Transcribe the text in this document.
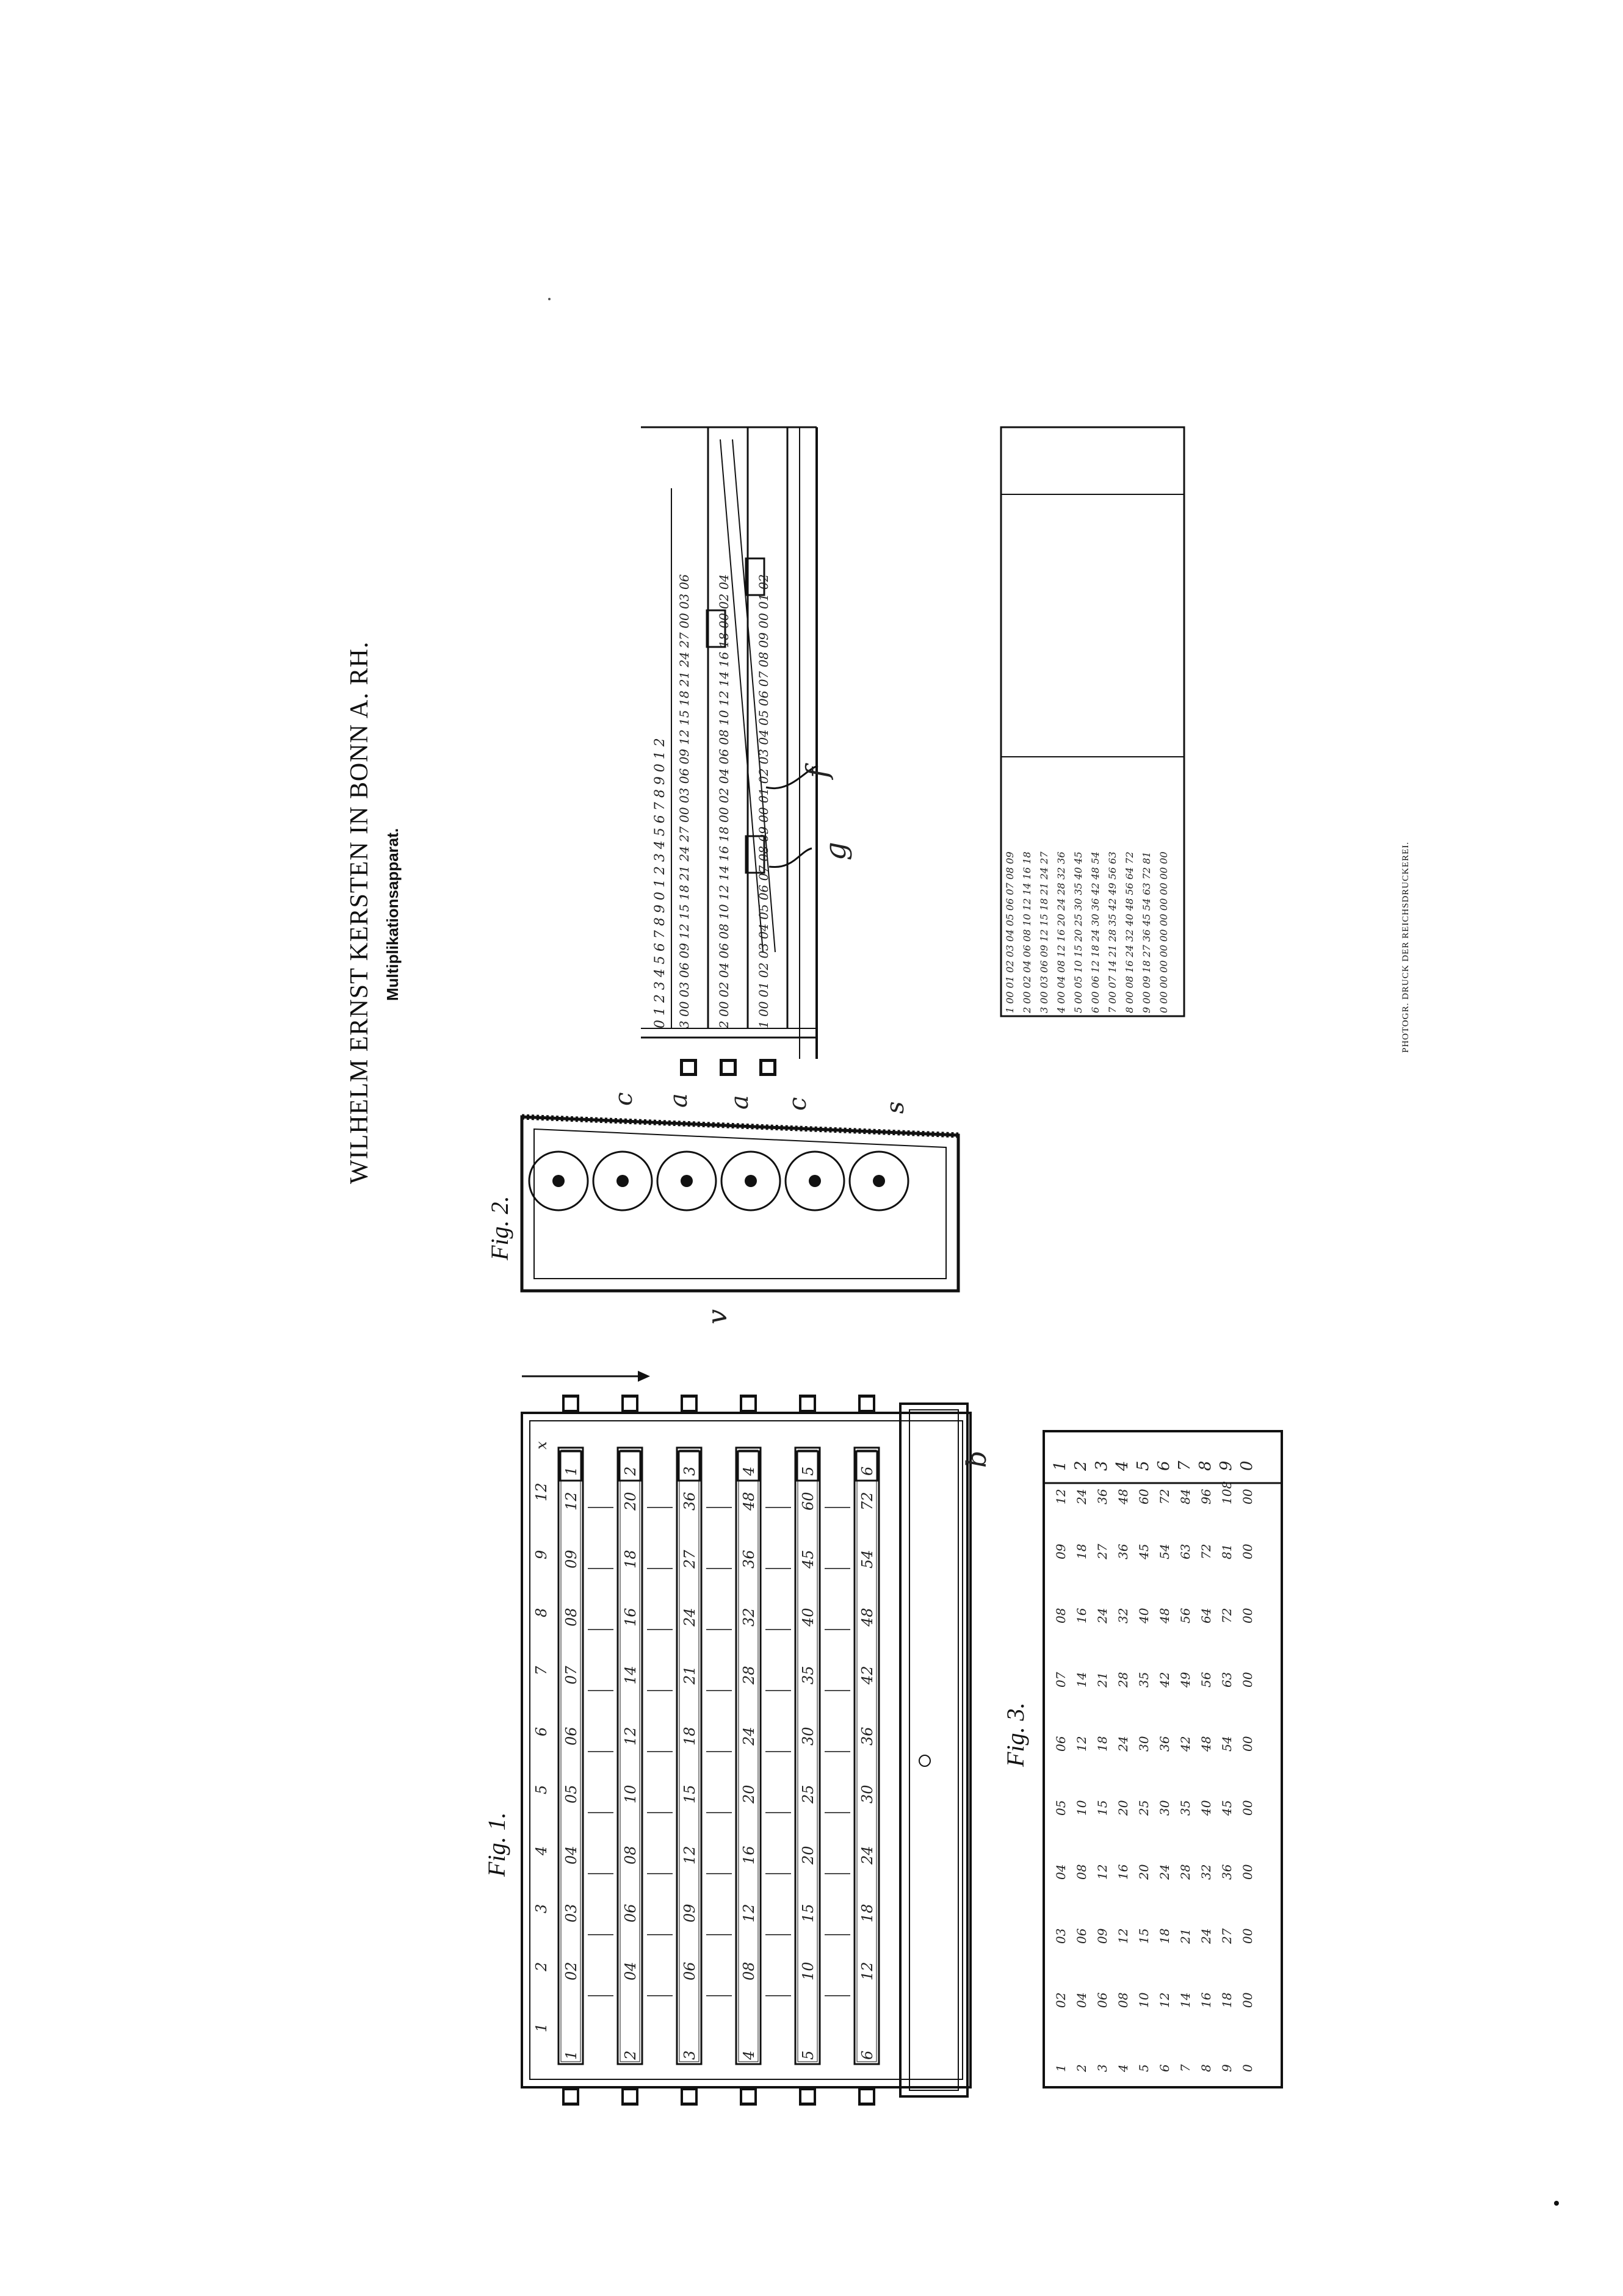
WILHELM ERNST KERSTEN IN BONN A. RH. Multiplikationsapparat.	PHOTOGR. DRUCK DER REICHSDRUCKEREI.
Fig. 1.
Fig. 2.
Fig. 3.
1
02
03
04
05
06
07
08
09
12
1
2
04
06
08
10
12
14
16
18
20
2
3
06
09
12
15
18
21
24
27
36
3
4
08
12
16
20
24
28
32
36
48
4
5
10
15
20
25
30
35
40
45
60
5
6
12
18
24
30
36
42
48
54
72
6
1
2
3
4
5
6
7
8
9
12
x
b
c a a c	s
v
0 1 2 3 4 5 6 7 8 9 0 1 2 3 4 5 6 7 8 9 0 1 2 3 00 03 06 09 12 15 18 21 24 27 00 03 06 09 12 15 18 21 24 27 00 03 06 2 00 02 04 06 08 10 12 14 16 18 00 02 04 06 08 10 12 14 16 18 00 02 04 1 00 01 02 03 04 05 06 07 08 09 00 01 02 03 04 05 06 07 08 09 00 01 02 g
f
1 00 01 02 03 04 05 06 07 08 09 2 00 02 04 06 08 10 12 14 16 18 3 00 03 06 09 12 15 18 21 24 27 4 00 04 08 12 16 20 24 28 32 36 5 00 05 10 15 20 25 30 35 40 45 6 00 06 12 18 24 30 36 42 48 54 7 00 07 14 21 28 35 42 49 56 63 8 00 08 16 24 32 40 48 56 64 72 9 00 09 18 27 36 45 54 63 72 81 0 00 00 00 00 00 00 00 00 00 00
1
02
03
04
05
06
07
08
09
12
2
04
06
08
10
12
14
16
18
24
3
06
09
12
15
18
21
24
27
36
4
08
12
16
20
24
28
32
36
48
5
10
15
20
25
30
35
40
45
60
6
12
18
24
30
36
42
48
54
72
7
14
21
28
35
42
49
56
63
84
8
16
24
32
40
48
56
64
72
96
9
18
27
36
45
54
63
72
81
108
0
00
00
00
00
00
00
00
00
00
1 2 3 4 5 6 7 8 9 0
